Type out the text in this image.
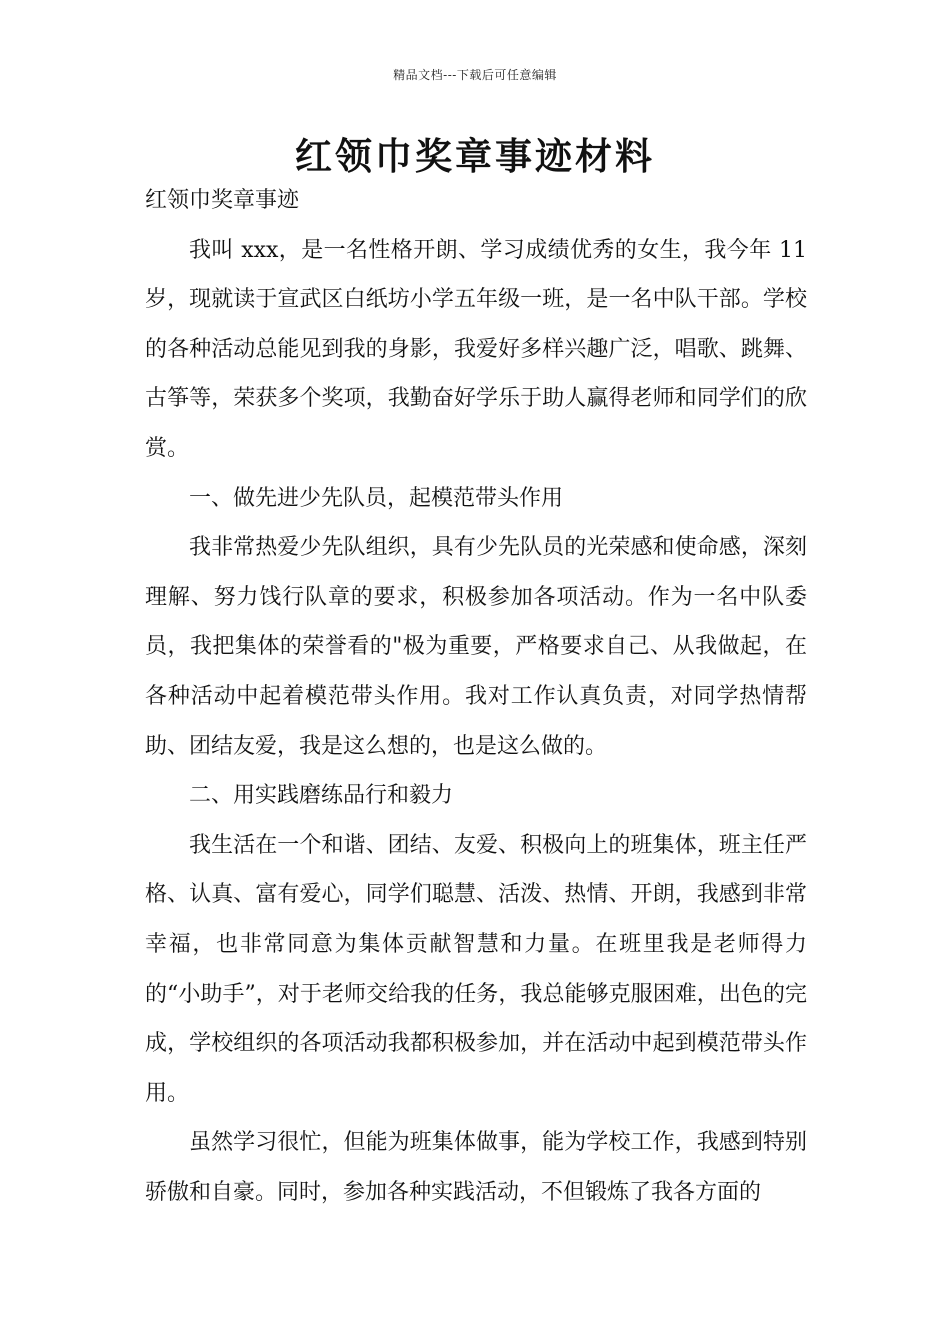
精品文档---下载后可任意编辑
红领巾奖章事迹材料

红领巾奖章事迹

我叫 xxx，是一名性格开朗、学习成绩优秀的女生，我今年 11 岁，现就读于宣武区白纸坊小学五年级一班，是一名中队干部。学校的各种活动总能见到我的身影，我爱好多样兴趣广泛，唱歌、跳舞、古筝等，荣获多个奖项，我勤奋好学乐于助人赢得老师和同学们的欣赏。

一、做先进少先队员，起模范带头作用

我非常热爱少先队组织，具有少先队员的光荣感和使命感，深刻理解、努力饯行队章的要求，积极参加各项活动。作为一名中队委员，我把集体的荣誉看的"极为重要，严格要求自己、从我做起，在各种活动中起着模范带头作用。我对工作认真负责，对同学热情帮助、团结友爱，我是这么想的，也是这么做的。

二、用实践磨练品行和毅力

我生活在一个和谐、团结、友爱、积极向上的班集体，班主任严格、认真、富有爱心，同学们聪慧、活泼、热情、开朗，我感到非常幸福，也非常同意为集体贡献智慧和力量。在班里我是老师得力的“小助手”，对于老师交给我的任务，我总能够克服困难，出色的完成，学校组织的各项活动我都积极参加，并在活动中起到模范带头作用。

虽然学习很忙，但能为班集体做事，能为学校工作，我感到特别骄傲和自豪。同时，参加各种实践活动，不但锻炼了我各方面的
